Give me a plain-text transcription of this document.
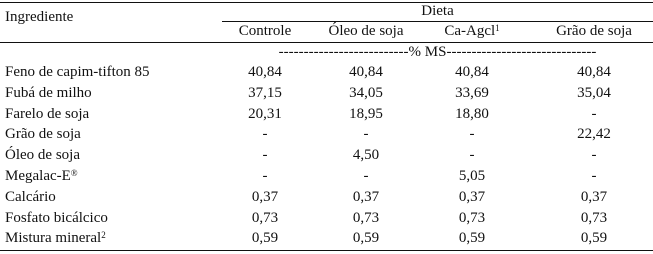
Ingrediente	Dieta
Controle	Óleo de soja	Ca-Agcl$^1$	Grão de soja
--------------------------% MS------------------------------
Feno de capim-tifton 85	40,84	40,84	40,84	40,84
Fubá de milho	37,15	34,05	33,69	35,04
Farelo de soja	20,31	18,95	18,80	-
Grão de soja	-	-	-	22,42
Óleo de soja	-	4,50	-	-
Megalac-E®	-	-	5,05	-
Calcário	0,37	0,37	0,37	0,37
Fosfato bicálcico	0,73	0,73	0,73	0,73
Mistura mineral$^2$	0,59	0,59	0,59	0,59
